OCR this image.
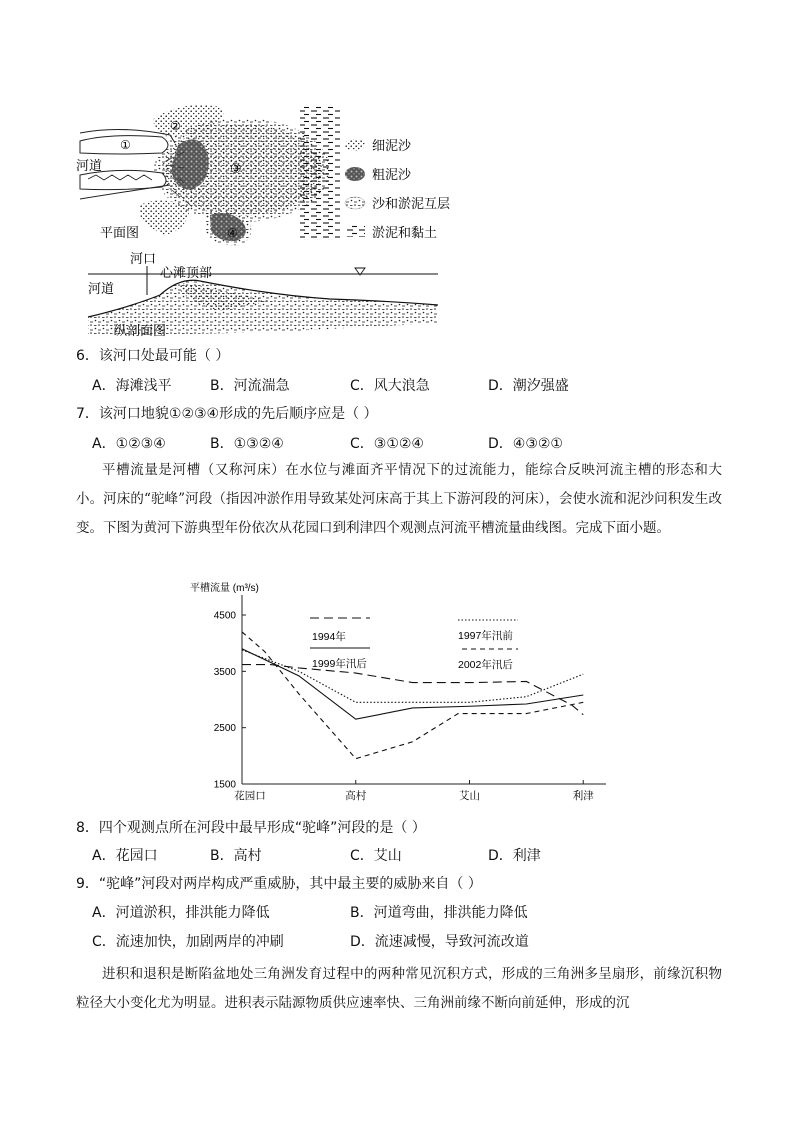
①
②
③
④
河道
平面图
细泥沙
粗泥沙
沙和淤泥互层
淤泥和黏土
河口
心滩顶部
河道
纵剖面图
6．该河口处最可能（ ）
A．海滩浅平	B．河流湍急	C．风大浪急	D．潮汐强盛
7．该河口地貌①②③④形成的先后顺序应是（ ）
A．①②③④	B．①③②④	C．③①②④	D．④③②①
平槽流量是河槽（又称河床）在水位与滩面齐平情况下的过流能力，能综合反映河流主槽的形态和大小。河床的“驼峰”河段（指因冲淤作用导致某处河床高于其上下游河段的河床），会使水流和泥沙问积发生改变。下图为黄河下游典型年份依次从花园口到利津四个观测点河流平槽流量曲线图。完成下面小题。
平槽流量 (m³/s)
1500
2500
3500
4500
花园口	高村	艾山	利津
1994年
1999年汛后
1997年汛前
2002年汛后
8．四个观测点所在河段中最早形成“驼峰”河段的是（ ）
A．花园口	B．高村	C．艾山	D．利津
9．“驼峰”河段对两岸构成严重威胁，其中最主要的威胁来自（ ）
A．河道淤积，排洪能力降低	B．河道弯曲，排洪能力降低
C．流速加快，加剧两岸的冲刷	D．流速减慢，导致河流改道
进积和退积是断陷盆地处三角洲发育过程中的两种常见沉积方式，形成的三角洲多呈扇形，前缘沉积物粒径大小变化尤为明显。进积表示陆源物质供应速率快、三角洲前缘不断向前延伸，形成的沉
